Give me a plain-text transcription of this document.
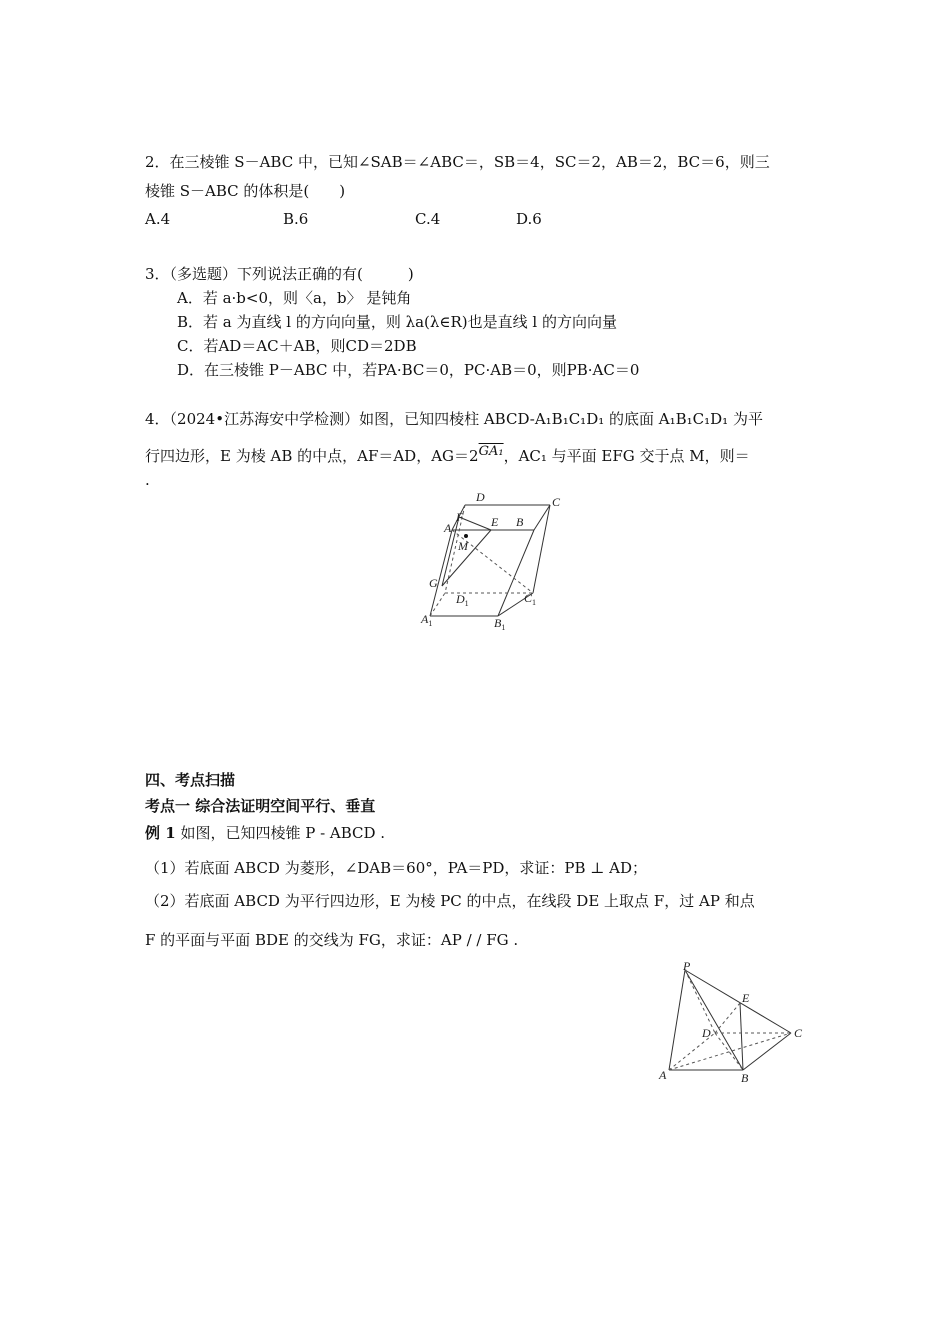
2．在三棱锥 S－ABC 中，已知∠SAB＝∠ABC＝，SB＝4，SC＝2，AB＝2，BC＝6，则三
棱锥 S－ABC 的体积是(　　)
A.4	B.6	C.4	D.6
3．（多选题）下列说法正确的有(　　　)
A．若 a·b<0，则〈a，b〉 是钝角
B．若 a 为直线 l 的方向向量，则 λa(λ∈R)也是直线 l 的方向向量
C．若AD＝AC＋AB，则CD＝2DB
D．在三棱锥 P－ABC 中，若PA·BC＝0，PC·AB＝0，则PB·AC＝0
4．（2024•江苏海安中学检测）如图，已知四棱柱 ABCD-A₁B₁C₁D₁ 的底面 A₁B₁C₁D₁ 为平
行四边形，E 为棱 AB 的中点，AF＝AD，AG＝2GA₁，AC₁ 与平面 EFG 交于点 M，则＝
.
D	C
F
A	E B
M
G
$D_1$	$C_1$
$A_1$	$B_1$
四、考点扫描
考点一 综合法证明空间平行、垂直
例 1 如图，已知四棱锥 P - ABCD .
（1）若底面 ABCD 为菱形，∠DAB＝60°，PA＝PD，求证：PB ⊥ AD；
（2）若底面 ABCD 为平行四边形，E 为棱 PC 的中点，在线段 DE 上取点 F，过 AP 和点
F 的平面与平面 BDE 的交线为 FG，求证：AP / / FG .
P
E
D	C
A	B
